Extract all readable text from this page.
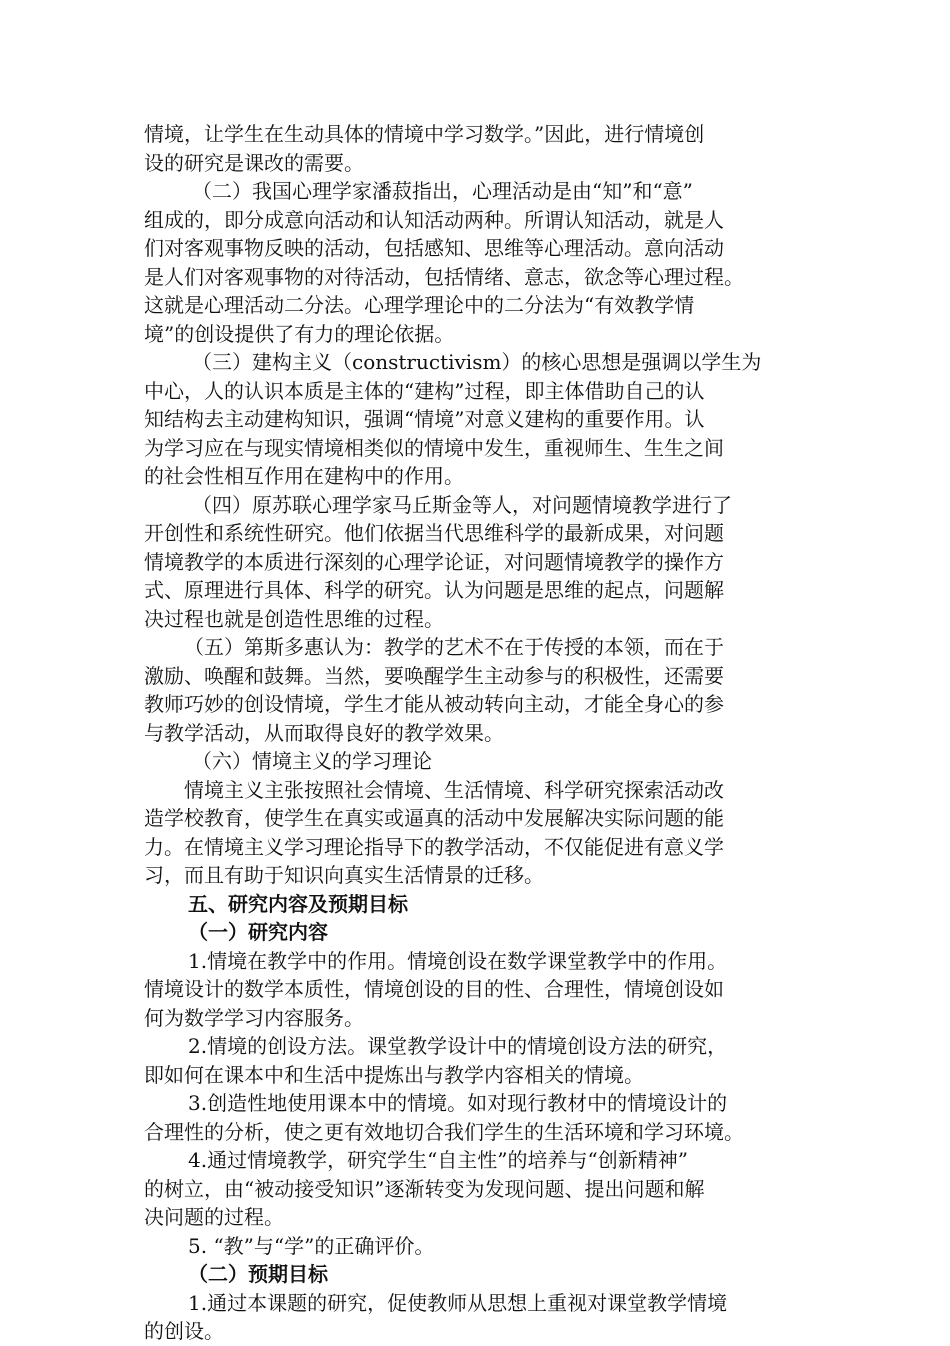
情境，让学生在生动具体的情境中学习数学。”因此，进行情境创
设的研究是课改的需要。
（二）我国心理学家潘菽指出，心理活动是由“知”和“意”
组成的，即分成意向活动和认知活动两种。所谓认知活动，就是人
们对客观事物反映的活动，包括感知、思维等心理活动。意向活动
是人们对客观事物的对待活动，包括情绪、意志，欲念等心理过程。
这就是心理活动二分法。心理学理论中的二分法为“有效教学情
境”的创设提供了有力的理论依据。
（三）建构主义（constructivism）的核心思想是强调以学生为
中心，人的认识本质是主体的“建构”过程，即主体借助自己的认
知结构去主动建构知识，强调“情境”对意义建构的重要作用。认
为学习应在与现实情境相类似的情境中发生，重视师生、生生之间
的社会性相互作用在建构中的作用。
（四）原苏联心理学家马丘斯金等人，对问题情境教学进行了
开创性和系统性研究。他们依据当代思维科学的最新成果，对问题
情境教学的本质进行深刻的心理学论证，对问题情境教学的操作方
式、原理进行具体、科学的研究。认为问题是思维的起点，问题解
决过程也就是创造性思维的过程。
（五）第斯多惠认为：教学的艺术不在于传授的本领，而在于
激励、唤醒和鼓舞。当然，要唤醒学生主动参与的积极性，还需要
教师巧妙的创设情境，学生才能从被动转向主动，才能全身心的参
与教学活动，从而取得良好的教学效果。
（六）情境主义的学习理论
情境主义主张按照社会情境、生活情境、科学研究探索活动改
造学校教育，使学生在真实或逼真的活动中发展解决实际问题的能
力。在情境主义学习理论指导下的教学活动，不仅能促进有意义学
习，而且有助于知识向真实生活情景的迁移。
五、研究内容及预期目标
（一）研究内容
1.情境在教学中的作用。情境创设在数学课堂教学中的作用。
情境设计的数学本质性，情境创设的目的性、合理性，情境创设如
何为数学学习内容服务。
2.情境的创设方法。课堂教学设计中的情境创设方法的研究，
即如何在课本中和生活中提炼出与教学内容相关的情境。
3.创造性地使用课本中的情境。如对现行教材中的情境设计的
合理性的分析，使之更有效地切合我们学生的生活环境和学习环境。
4.通过情境教学，研究学生“自主性”的培养与“创新精神”
的树立，由“被动接受知识”逐渐转变为发现问题、提出问题和解
决问题的过程。
5. “教”与“学”的正确评价。
（二）预期目标
1.通过本课题的研究，促使教师从思想上重视对课堂教学情境
的创设。
